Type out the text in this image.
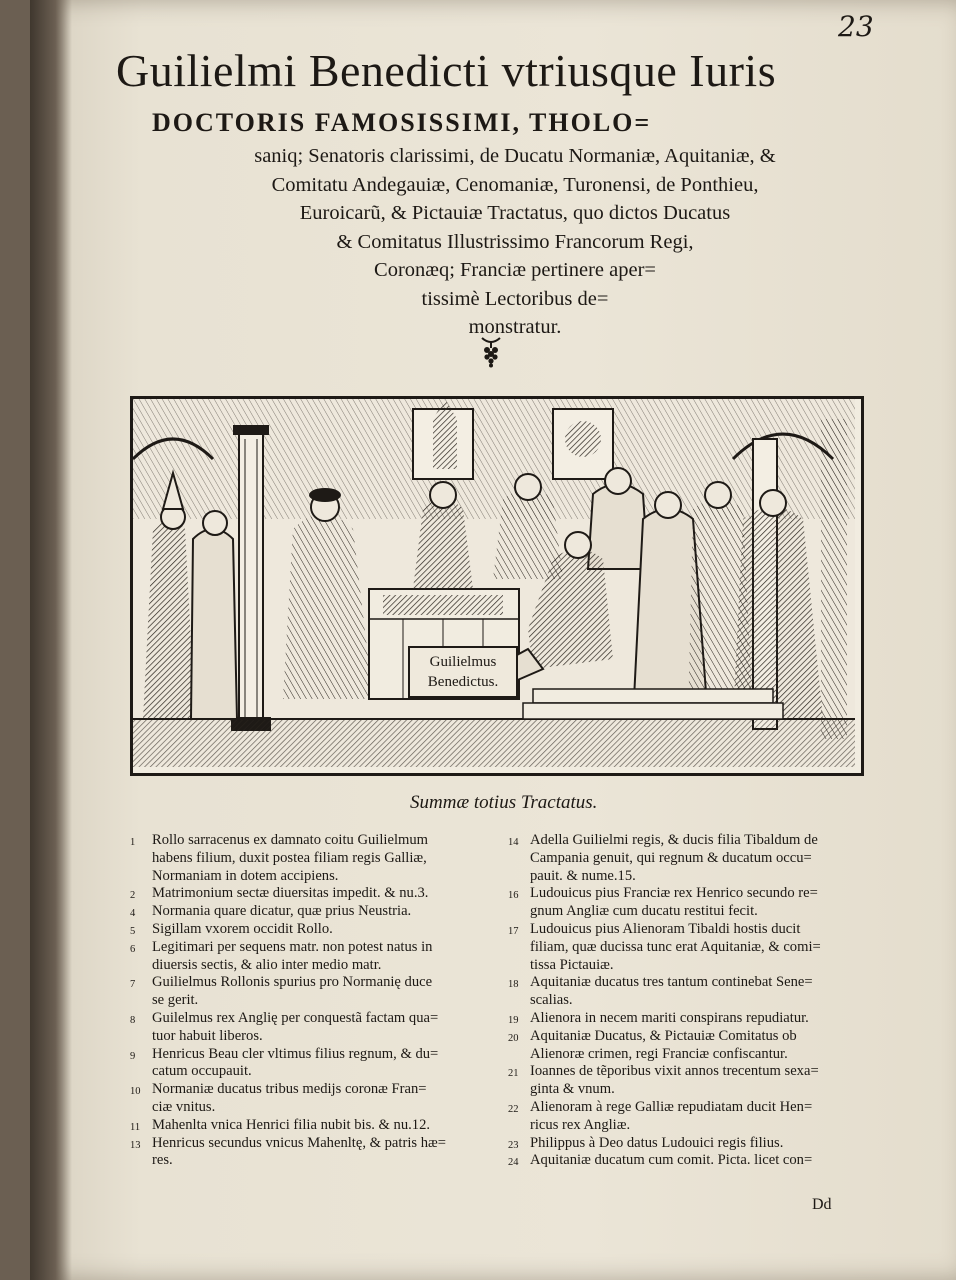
23
Guilielmi Benedicti vtriusque Iuris
DOCTORIS FAMOSISSIMI, THOLO=
saniq; Senatoris clarissimi, de Ducatu Normaniæ, Aquitaniæ, &
Comitatu Andegauiæ, Cenomaniæ, Turonensi, de Ponthieu,
Euroicarũ, & Pictauiæ Tractatus, quo dictos Ducatus
& Comitatus Illustrissimo Francorum Regi,
Coronæq; Franciæ pertinere aper=
tissimè Lectoribus de=
monstratur.
Guilielmus
Benedictus.
Summæ totius Tractatus.
1	Rollo sarracenus ex damnato coitu Guilielmum
habens filium, duxit postea filiam regis Galliæ,
Normaniam in dotem accipiens.
2	Matrimonium sectæ diuersitas impedit. & nu.3.
4	Normania quare dicatur, quæ prius Neustria.
5	Sigillam vxorem occidit Rollo.
6	Legitimari per sequens matr. non potest natus in
diuersis sectis, & alio inter medio matr.
7	Guilielmus Rollonis spurius pro Normanię duce
se gerit.
8	Guilelmus rex Anglię per conquestã factam qua=
tuor habuit liberos.
9	Henricus Beau cler vltimus filius regnum, & du=
catum occupauit.
10 Normaniæ ducatus tribus medijs coronæ Fran=
ciæ vnitus.
11 Mahenlta vnica Henrici filia nubit bis. & nu.12.
13 Henricus secundus vnicus Mahenltę, & patris hæ=
res.
14 Adella Guilielmi regis, & ducis filia Tibaldum de
Campania genuit, qui regnum & ducatum occu=
pauit. & nume.15.
16 Ludouicus pius Franciæ rex Henrico secundo re=
gnum Angliæ cum ducatu restitui fecit.
17 Ludouicus pius Alienoram Tibaldi hostis ducit
filiam, quæ ducissa tunc erat Aquitaniæ, & comi=
tissa Pictauiæ.
18 Aquitaniæ ducatus tres tantum continebat Sene=
scalias.
19 Alienora in necem mariti conspirans repudiatur.
20 Aquitaniæ Ducatus, & Pictauiæ Comitatus ob
Alienoræ crimen, regi Franciæ confiscantur.
21 Ioannes de tẽporibus vixit annos trecentum sexa=
ginta & vnum.
22 Alienoram à rege Galliæ repudiatam ducit Hen=
ricus rex Angliæ.
23 Philippus à Deo datus Ludouici regis filius.
24 Aquitaniæ ducatum cum comit. Picta. licet con=
Dd
